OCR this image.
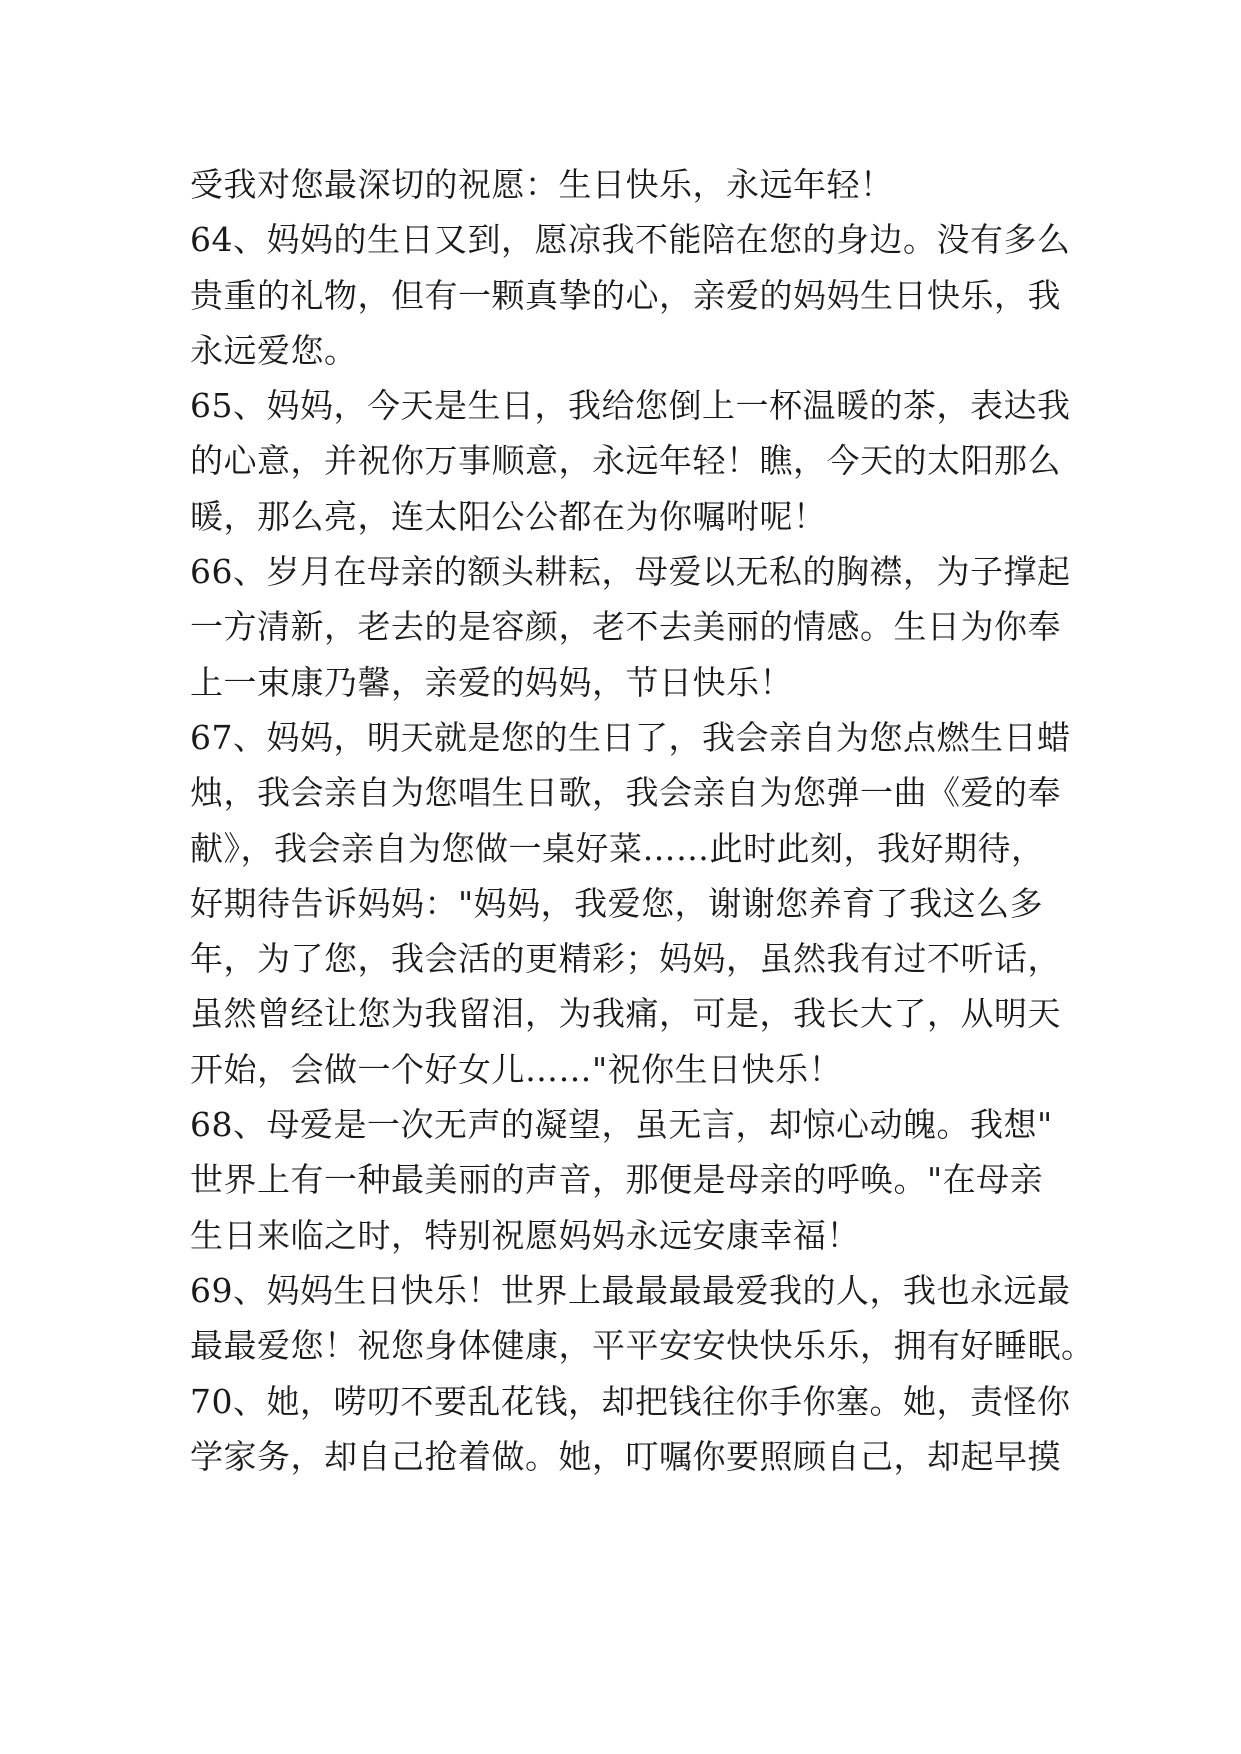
受我对您最深切的祝愿：生日快乐，永远年轻！
64、妈妈的生日又到，愿凉我不能陪在您的身边。没有多么
贵重的礼物，但有一颗真挚的心，亲爱的妈妈生日快乐，我
永远爱您。
65、妈妈，今天是生日，我给您倒上一杯温暖的茶，表达我
的心意，并祝你万事顺意，永远年轻！瞧，今天的太阳那么
暖，那么亮，连太阳公公都在为你嘱咐呢！
66、岁月在母亲的额头耕耘，母爱以无私的胸襟，为子撑起
一方清新，老去的是容颜，老不去美丽的情感。生日为你奉
上一束康乃馨，亲爱的妈妈，节日快乐！
67、妈妈，明天就是您的生日了，我会亲自为您点燃生日蜡
烛，我会亲自为您唱生日歌，我会亲自为您弹一曲《爱的奉
献》，我会亲自为您做一桌好菜……此时此刻，我好期待，
好期待告诉妈妈："妈妈，我爱您，谢谢您养育了我这么多
年，为了您，我会活的更精彩；妈妈，虽然我有过不听话，
虽然曾经让您为我留泪，为我痛，可是，我长大了，从明天
开始，会做一个好女儿……"祝你生日快乐！
68、母爱是一次无声的凝望，虽无言，却惊心动魄。我想"
世界上有一种最美丽的声音，那便是母亲的呼唤。"在母亲
生日来临之时，特别祝愿妈妈永远安康幸福！
69、妈妈生日快乐！世界上最最最最爱我的人，我也永远最
最最爱您！祝您身体健康，平平安安快快乐乐，拥有好睡眠。
70、她，唠叨不要乱花钱，却把钱往你手你塞。她，责怪你
学家务，却自己抢着做。她，叮嘱你要照顾自己，却起早摸
